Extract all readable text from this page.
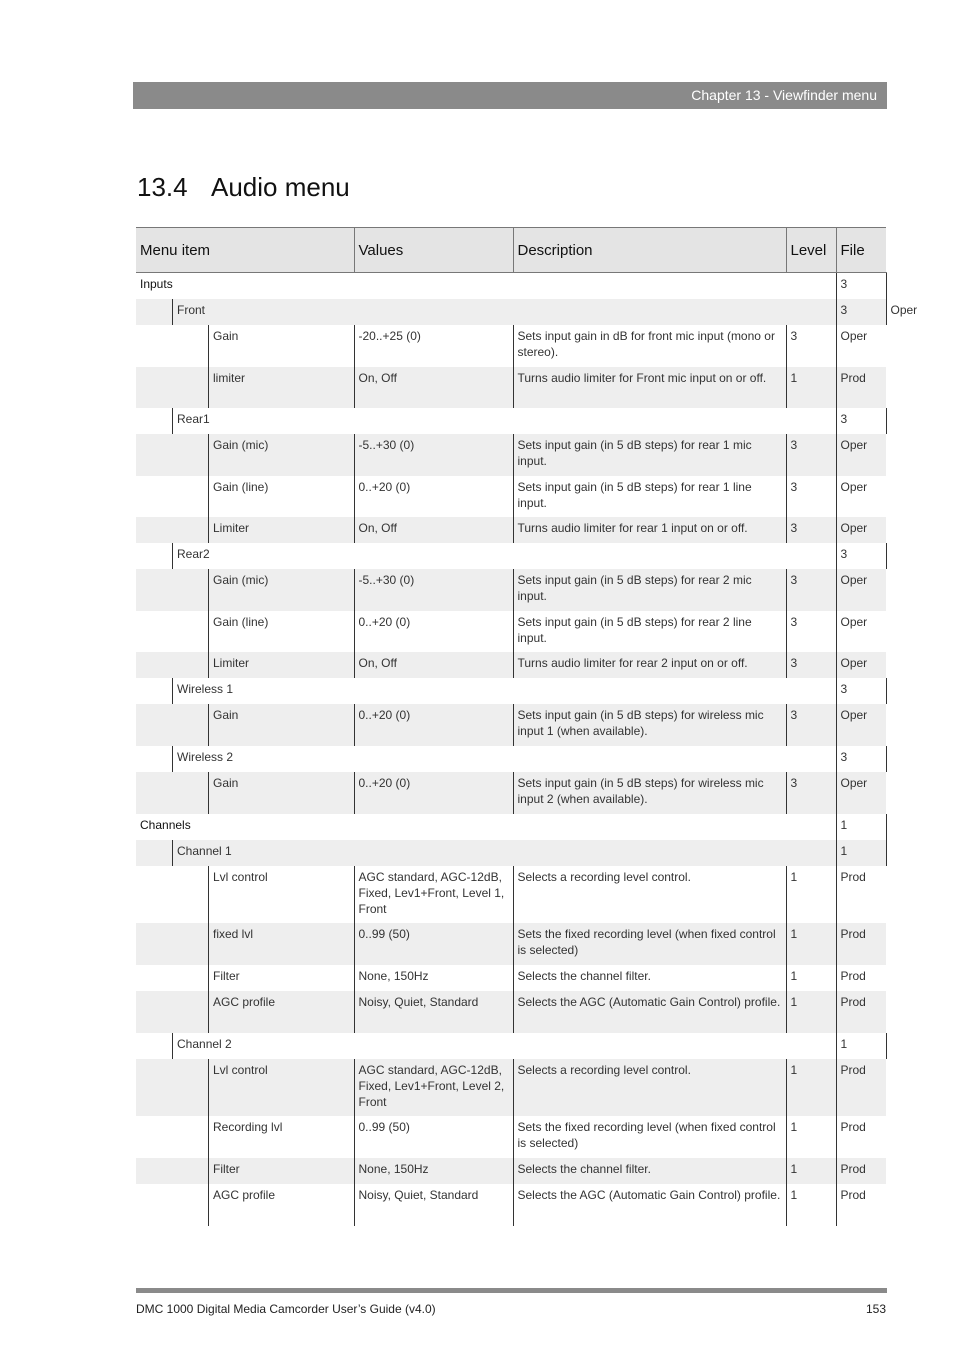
Chapter 13 - Viewfinder menu
13.4 Audio menu
Menu item	Values	Description	Level	File	
Inputs				3	

Front				3	Oper

Gain	-20..+25 (0)	Sets input gain in dB for front mic input (mono or stereo).	3	Oper	

limiter	On, Off	Turns audio limiter for Front mic input on or off.	1	Prod	

Rear1				3	

Gain (mic)	-5..+30 (0)	Sets input gain (in 5 dB steps) for rear 1 mic input.	3	Oper	

Gain (line)	0..+20 (0)	Sets input gain (in 5 dB steps) for rear 1 line input.	3	Oper	

Limiter	On, Off	Turns audio limiter for rear 1 input on or off.	3	Oper	

Rear2				3	

Gain (mic)	-5..+30 (0)	Sets input gain (in 5 dB steps) for rear 2 mic input.	3	Oper	

Gain (line)	0..+20 (0)	Sets input gain (in 5 dB steps) for rear 2 line input.	3	Oper	

Limiter	On, Off	Turns audio limiter for rear 2 input on or off.	3	Oper	

Wireless 1				3	

Gain	0..+20 (0)	Sets input gain (in 5 dB steps) for wireless mic input 1 (when available).	3	Oper	

Wireless 2				3	

Gain	0..+20 (0)	Sets input gain (in 5 dB steps) for wireless mic input 2 (when available).	3	Oper	
Channels				1	

Channel 1				1	

Lvl control	AGC standard, AGC-12dB, Fixed, Lev1+Front, Level 1, Front	Selects a recording level control.	1	Prod	

fixed lvl	0..99 (50)	Sets the fixed recording level (when fixed control is selected)	1	Prod	

Filter	None, 150Hz	Selects the channel filter.	1	Prod	

AGC profile	Noisy, Quiet, Standard	Selects the AGC (Automatic Gain Control) profile.	1	Prod	

Channel 2				1	

Lvl control	AGC standard, AGC-12dB, Fixed, Lev1+Front, Level 2, Front	Selects a recording level control.	1	Prod	

Recording lvl	0..99 (50)	Sets the fixed recording level (when fixed control is selected)	1	Prod	

Filter	None, 150Hz	Selects the channel filter.	1	Prod	

AGC profile	Noisy, Quiet, Standard	Selects the AGC (Automatic Gain Control) profile.	1	Prod	
DMC 1000 Digital Media Camcorder User’s Guide (v4.0)	153
